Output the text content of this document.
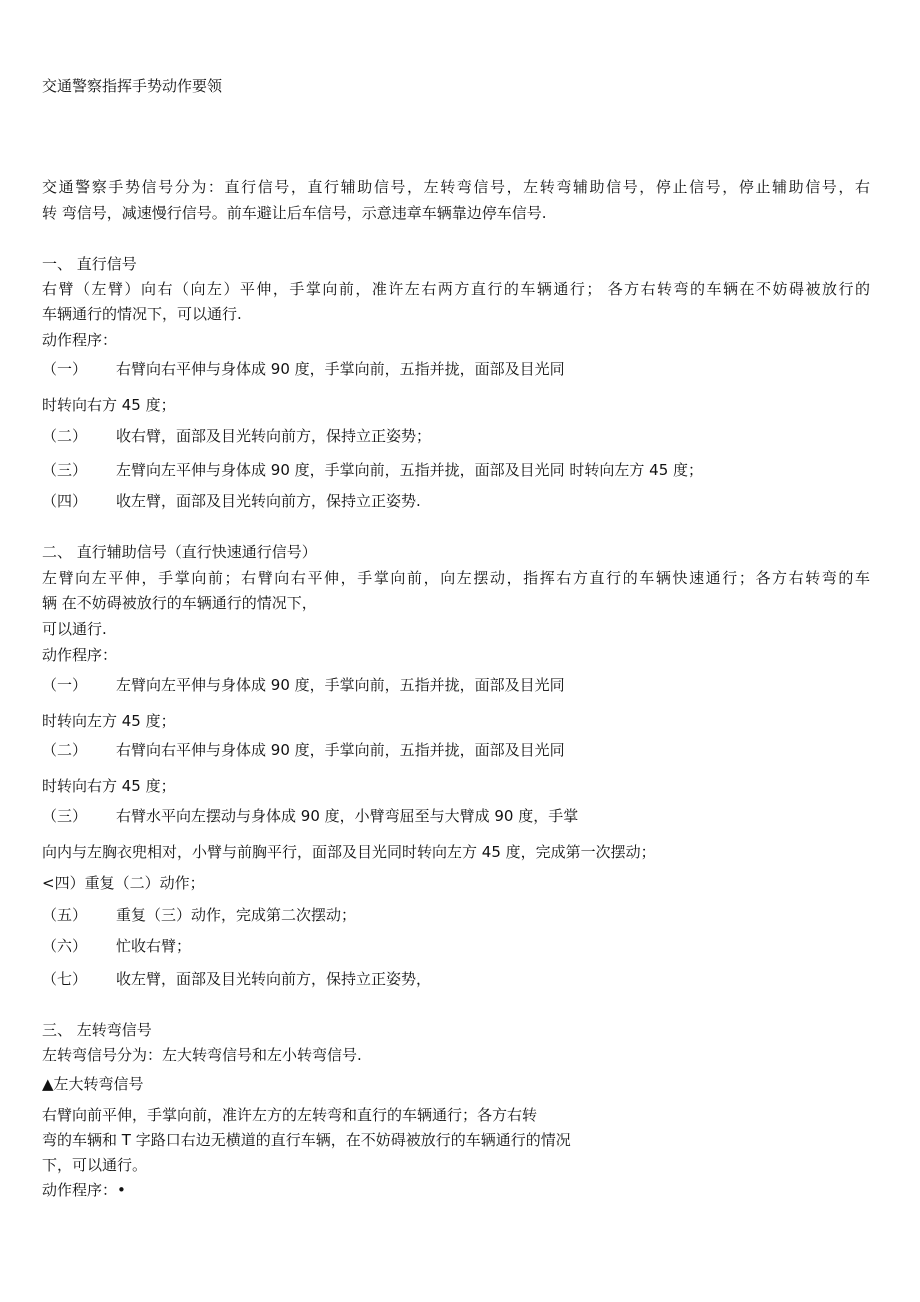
交通警察指挥手势动作要领
交通警察手势信号分为：直行信号，直行辅助信号，左转弯信号，左转弯辅助信号，停止信号，停止辅助信号，右
转 弯信号，减速慢行信号。前车避让后车信号，示意违章车辆靠边停车信号.
一、 直行信号
右臂（左臂）向右（向左）平伸，手掌向前，准许左右两方直行的车辆通行； 各方右转弯的车辆在不妨碍被放行的
车辆通行的情况下，可以通行.
动作程序：
（一） 右臂向右平伸与身体成 90 度，手掌向前，五指并拢，面部及目光同
时转向右方 45 度；
（二） 收右臂，面部及目光转向前方，保持立正姿势；
（三） 左臂向左平伸与身体成 90 度，手掌向前，五指并拢，面部及目光同 时转向左方 45 度；
（四） 收左臂，面部及目光转向前方，保持立正姿势.
二、 直行辅助信号（直行快速通行信号）
左臂向左平伸，手掌向前；右臂向右平伸，手掌向前，向左摆动，指挥右方直行的车辆快速通行；各方右转弯的车
辆 在不妨碍被放行的车辆通行的情况下，
可以通行.
动作程序：
（一） 左臂向左平伸与身体成 90 度，手掌向前，五指并拢，面部及目光同
时转向左方 45 度；
（二） 右臂向右平伸与身体成 90 度，手掌向前，五指并拢，面部及目光同
时转向右方 45 度；
（三） 右臂水平向左摆动与身体成 90 度，小臂弯屈至与大臂成 90 度，手掌
向内与左胸衣兜相对，小臂与前胸平行，面部及目光同时转向左方 45 度，完成第一次摆动；
<四）重复（二）动作；
（五） 重复（三）动作，完成第二次摆动；
（六） 忙收右臂；
（七） 收左臂，面部及目光转向前方，保持立正姿势，
三、 左转弯信号
左转弯信号分为：左大转弯信号和左小转弯信号.
▲左大转弯信号
右臂向前平伸，手掌向前，准许左方的左转弯和直行的车辆通行；各方右转
弯的车辆和 T 字路口右边无横道的直行车辆，在不妨碍被放行的车辆通行的情况
下，可以通行。
动作程序：•
